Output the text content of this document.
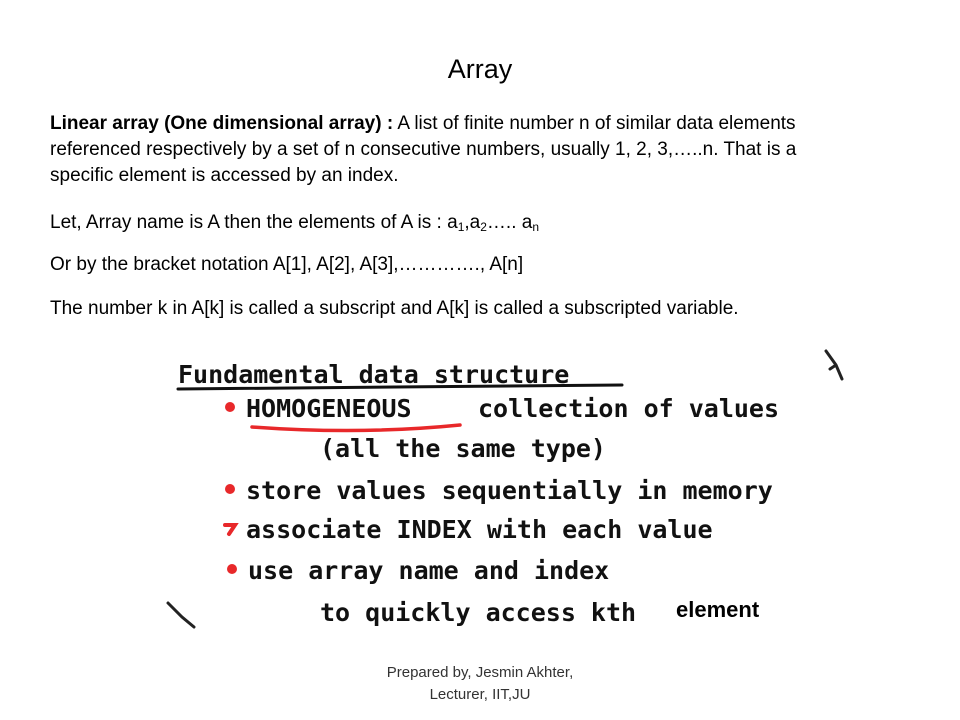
Array
Linear array (One dimensional array) : A list of finite number n of similar data elements referenced respectively by a set of n consecutive numbers, usually 1, 2, 3,…..n. That is a specific element is accessed by an index.
Let, Array name is A then the elements of A is : $a_1,a_2\dots$.. $a_n$
Or by the bracket notation A[1], A[2], A[3],…………., A[n]
The number k in A[k] is called a subscript and A[k] is called a subscripted variable.
Fundamental data structure
HOMOGENEOUS	collection of values
(all the same type)
store values sequentially in memory
associate INDEX with each value
use array name and index
to quickly access kth element
Prepared by, Jesmin Akhter,
Lecturer, IIT,JU
